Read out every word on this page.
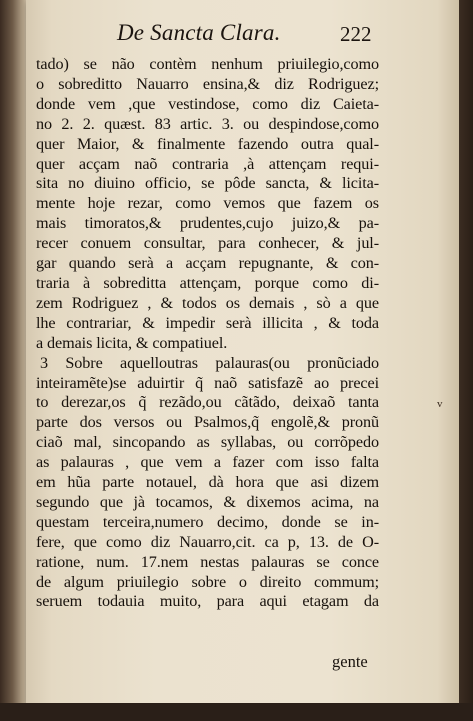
De Sancta Clara.	222
tado) se não contèm nenhum priuilegio,como
o sobreditto Nauarro ensina,& diz Rodriguez;
donde vem ,que vestindose, como diz Caieta-
no 2. 2. quæst. 83 artic. 3. ou despindose,como
quer Maior, & finalmente fazendo outra qual-
quer acçam naõ contraria ,à attençam requi-
sita no diuino officio, se pôde sancta, & licita-
mente hoje rezar, como vemos que fazem os
mais timoratos,& prudentes,cujo juizo,& pa-
recer conuem consultar, para conhecer, & jul-
gar quando serà a acçam repugnante, & con-
traria à sobreditta attençam, porque como di-
zem Rodriguez , & todos os demais , sò a que
lhe contrariar, & impedir serà illicita , & toda
a demais licita, & compatiuel.
3 Sobre aquelloutras palauras(ou pronũciado
inteiramẽte)se aduirtir q̃ naõ satisfazẽ ao precei
to derezar,os q̃ rezãdo,ou cãtãdo, deixaõ tanta
parte dos versos ou Psalmos,q̃ engolẽ,& pronũ
ciaõ mal, sincopando as syllabas, ou corrõpedo
as palauras , que vem a fazer com isso falta
em hũa parte notauel, dà hora que asi dizem
segundo que jà tocamos, & dixemos acima, na
questam terceira,numero decimo, donde se in-
fere, que como diz Nauarro,cit. ca p, 13. de O-
ratione, num. 17.nem nestas palauras se conce
de algum priuilegio sobre o direito commum;
seruem todauia muito, para aqui etagam da
gente
v
